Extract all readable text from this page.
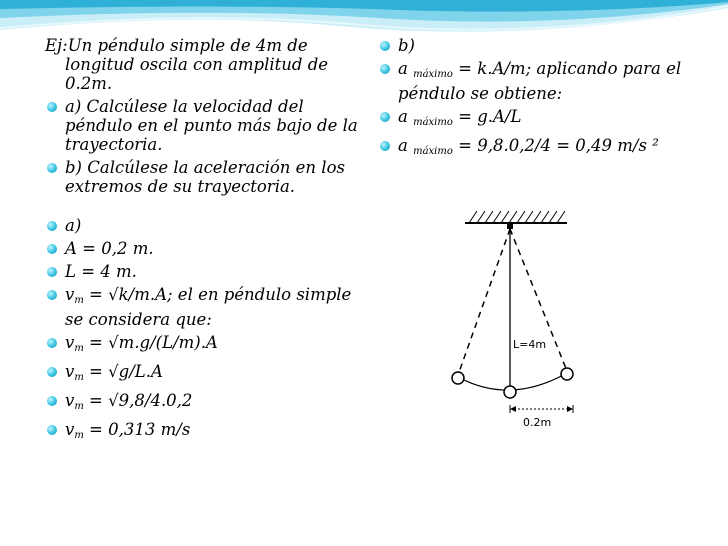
Ej:Un péndulo simple de 4m de longitud oscila con amplitud de 0.2m.
a) Calcúlese la velocidad del péndulo en el punto más bajo de la trayectoria.
b) Calcúlese la aceleración en los extremos de su trayectoria.
a)
A = 0,2 m.
L = 4 m.
$v_m = √k/m.A$; el en péndulo simple se considera que:
$v_m = √m.g/(L/m).A$
$v_m = √g/L.A$
$v_m = √9,8/4.0,2$
$v_m = 0,313$ m/s
b)
a $_{máximo}$ = k.A/m; aplicando para el péndulo se obtiene:
a $_{máximo}$ = g.A/L
a $_{máximo}$ = 9,8.0,2/4 = 0,49 m/s ²
L=4m
0.2m
